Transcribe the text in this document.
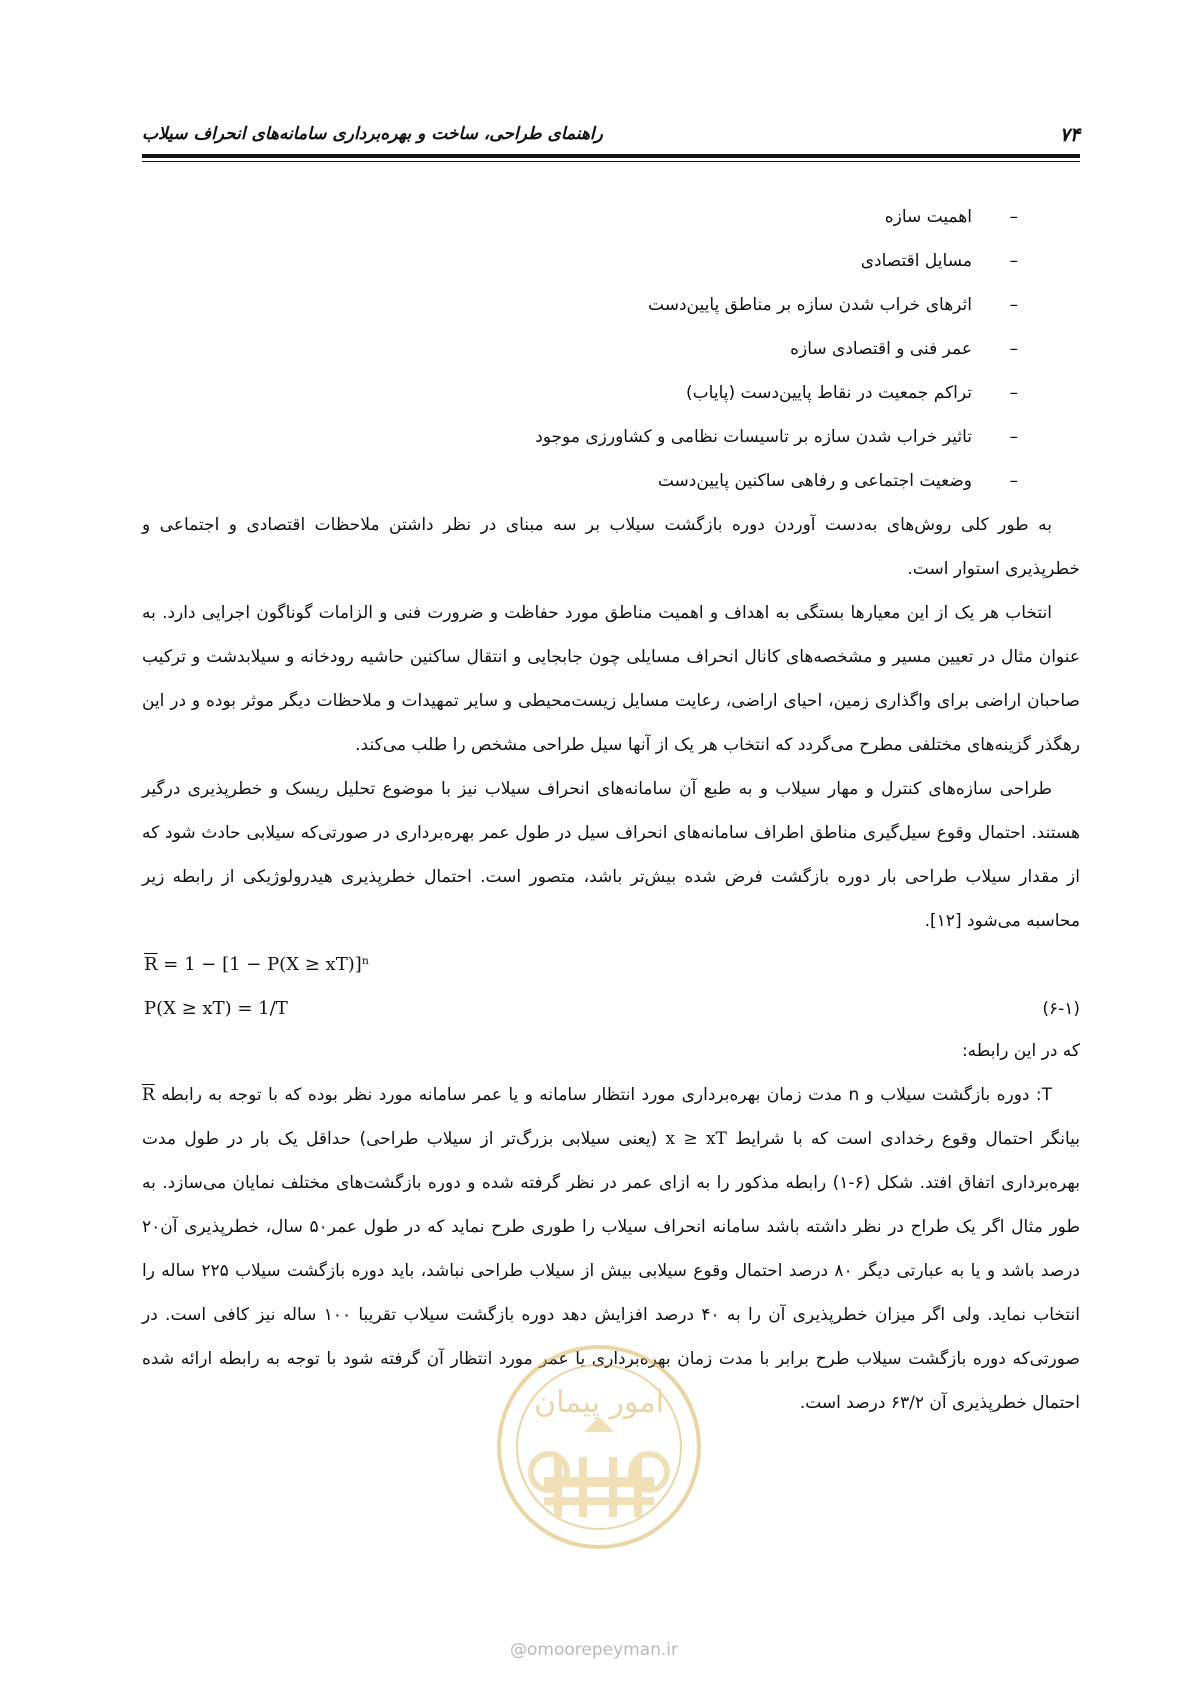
۷۴
راهنمای طراحی، ساخت و بهره‌برداری سامانه‌های انحراف سیلاب
–
اهمیت سازه
–
مسایل اقتصادی
–
اثرهای خراب شدن سازه بر مناطق پایین‌دست
–
عمر فنی و اقتصادی سازه
–
تراکم جمعیت در نقاط پایین‌دست (پایاب)
–
تاثیر خراب شدن سازه بر تاسیسات نظامی و کشاورزی موجود
–
وضعیت اجتماعی و رفاهی ساکنین پایین‌دست

به طور کلی روش‌های به‌دست آوردن دوره بازگشت سیلاب بر سه مبنای در نظر داشتن ملاحظات اقتصادی و اجتماعی و خطرپذیری استوار است.

انتخاب هر یک از این معیارها بستگی به اهداف و اهمیت مناطق مورد حفاظت و ضرورت فنی و الزامات گوناگون اجرایی دارد. به عنوان مثال در تعیین مسیر و مشخصه‌های کانال انحراف مسایلی چون جابجایی و انتقال ساکنین حاشیه رودخانه و سیلابدشت و ترکیب صاحبان اراضی برای واگذاری زمین، احیای اراضی، رعایت مسایل زیست‌محیطی و سایر تمهیدات و ملاحظات دیگر موثر بوده و در این رهگذر گزینه‌های مختلفی مطرح می‌گردد که انتخاب هر یک از آنها سیل طراحی مشخص را طلب می‌کند.

طراحی سازه‌های کنترل و مهار سیلاب و به طبع آن سامانه‌های انحراف سیلاب نیز با موضوع تحلیل ریسک و خطرپذیری درگیر هستند. احتمال وقوع سیل‌گیری مناطق اطراف سامانه‌های انحراف سیل در طول عمر بهره‌برداری در صورتی‌که سیلابی حادث شود که از مقدار سیلاب طراحی بار دوره بازگشت فرض شده بیش‌تر باشد، متصور است. احتمال خطرپذیری هیدرولوژیکی از رابطه زیر محاسبه می‌شود [۱۲].

$\overline{R} = 1 - [1 - P(X \ge xT)]^n$
P(X ≥ xT) = 1/T	(۶-۱)

که در این رابطه:

T: دوره بازگشت سیلاب و n مدت زمان بهره‌برداری مورد انتظار سامانه و یا عمر سامانه مورد نظر بوده که با توجه به رابطه $\overline{R}$ بیانگر احتمال وقوع رخدادی است که با شرایط x ≥ xT (یعنی سیلابی بزرگ‌تر از سیلاب طراحی) حداقل یک بار در طول مدت بهره‌برداری اتفاق افتد. شکل (۶-۱) رابطه مذکور را به ازای عمر در نظر گرفته شده و دوره بازگشت‌های مختلف نمایان می‌سازد. به طور مثال اگر یک طراح در نظر داشته باشد سامانه انحراف سیلاب را طوری طرح نماید که در طول عمر۵۰ سال، خطرپذیری آن۲۰ درصد باشد و یا به عبارتی دیگر ۸۰ درصد احتمال وقوع سیلابی بیش از سیلاب طراحی نباشد، باید دوره بازگشت سیلاب ۲۲۵ ساله را انتخاب نماید. ولی اگر میزان خطرپذیری آن را به ۴۰ درصد افزایش دهد دوره بازگشت سیلاب تقریبا ۱۰۰ ساله نیز کافی است. در صورتی‌که دوره بازگشت سیلاب طرح برابر با مدت زمان بهره‌برداری یا عمر مورد انتظار آن گرفته شود با توجه به رابطه ارائه شده احتمال خطرپذیری آن ۶۳/۲ درصد است.

امور پیمان
@omoorepeyman.ir
